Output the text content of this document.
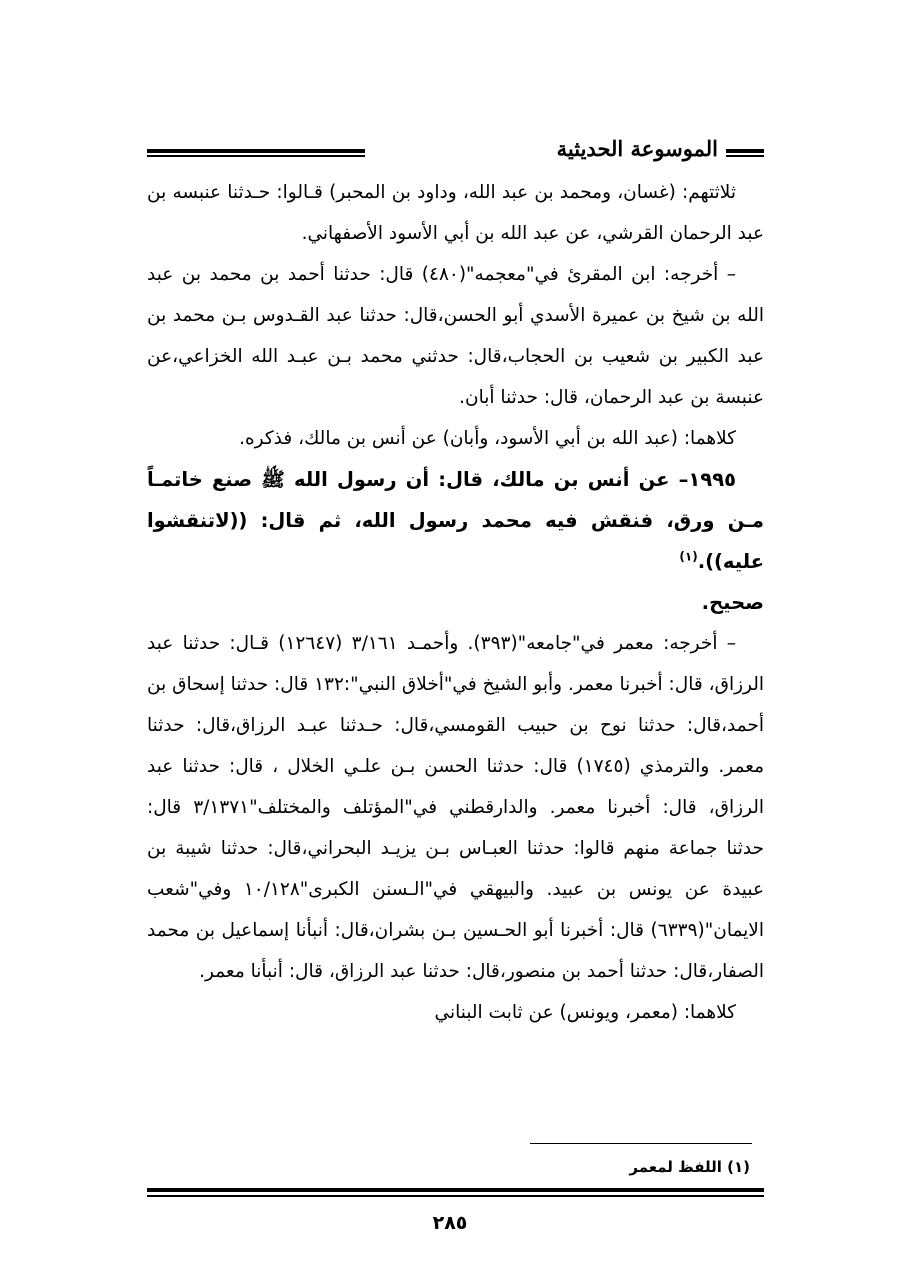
الموسوعة الحديثية

ثلاثتهم: (غسان، ومحمد بن عبد الله، وداود بن المحبر) قـالوا: حـدثنا عنبسه بن عبد الرحمان القرشي، عن عبد الله بن أبي الأسود الأصفهاني.

– أخرجه: ابن المقرئ في"معجمه"(٤٨٠) قال: حدثنا أحمد بن محمد بن عبد الله بن شيخ بن عميرة الأسدي أبو الحسن،قال: حدثنا عبد القـدوس بـن محمد بن عبد الكبير بن شعيب بن الحجاب،قال: حدثني محمد بـن عبـد الله الخزاعي،عن عنبسة بن عبد الرحمان، قال: حدثنا أبان.

كلاهما: (عبد الله بن أبي الأسود، وأبان) عن أنس بن مالك، فذكره.

١٩٩٥– عن أنس بن مالك، قال: أن رسول الله ﷺ صنع خاتمـاً مـن ورق، فنقش فيه محمد رسول الله، ثم قال: ((لاتنقشوا عليه)).$^{(١)}$

صحيح.

– أخرجه: معمر في"جامعه"(٣٩٣). وأحمـد ٣/١٦١ (١٢٦٤٧) قـال: حدثنا عبد الرزاق، قال: أخبرنا معمر. وأبو الشيخ في"أخلاق النبي":١٣٢ قال: حدثنا إسحاق بن أحمد،قال: حدثنا نوح بن حبيب القومسي،قال: حـدثنا عبـد الرزاق،قال: حدثنا معمر. والترمذي (١٧٤٥) قال: حدثنا الحسن بـن علـي الخلال ، قال: حدثنا عبد الرزاق، قال: أخبرنا معمر. والدارقطني في"المؤتلف والمختلف"٣/١٣٧١ قال: حدثنا جماعة منهم قالوا: حدثنا العبـاس بـن يزيـد البحراني،قال: حدثنا شيبة بن عبيدة عن يونس بن عبيد. والبيهقي في"الـسنن الكبرى"١٠/١٢٨ وفي"شعب الايمان"(٦٣٣٩) قال: أخبرنا أبو الحـسين بـن بشران،قال: أنبأنا إسماعيل بن محمد الصفار،قال: حدثنا أحمد بن منصور،قال: حدثنا عبد الرزاق، قال: أنبأنا معمر.

كلاهما: (معمر، ويونس) عن ثابت البناني

(١) اللفظ لمعمر
٢٨٥
